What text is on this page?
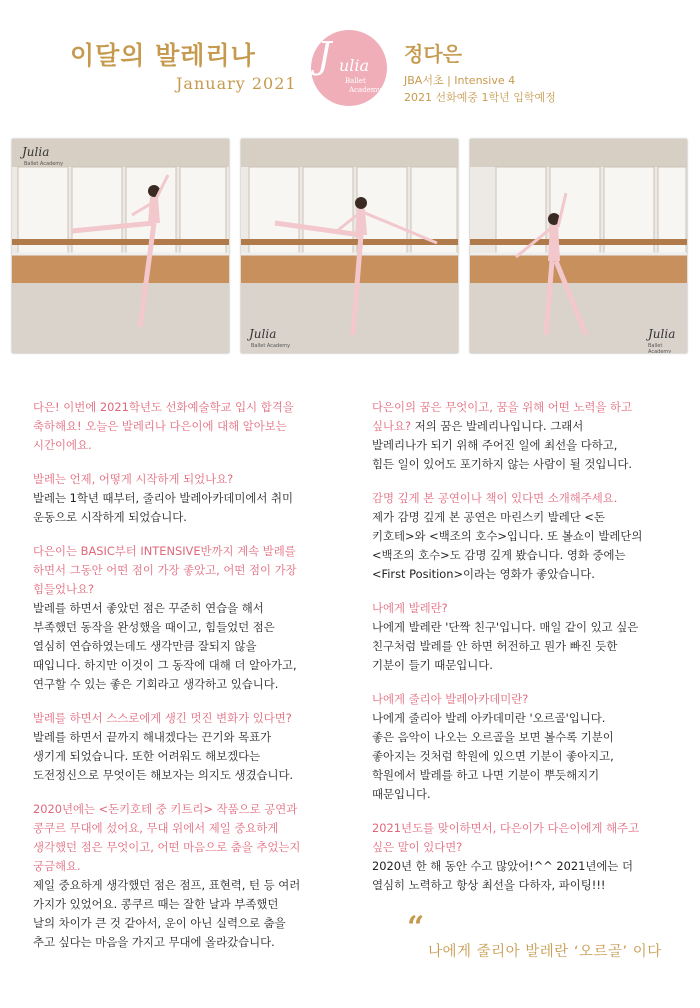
이달의 발레리나
January 2021
J ulia
Ballet
Academy
정다은
JBA서초 | Intensive 4
2021 선화예중 1학년 입학예정
Julia
Ballet Academy
Julia
Ballet Academy
Julia
Ballet Academy

다은! 이번에 2021학년도 선화예술학교 입시 합격을

축하해요! 오늘은 발레리나 다은이에 대해 알아보는

시간이에요.

발레는 언제, 어떻게 시작하게 되었나요?

발레는 1학년 때부터, 줄리아 발레아카데미에서 취미

운동으로 시작하게 되었습니다.

다은이는 BASIC부터 INTENSIVE반까지 계속 발레를

하면서 그동안 어떤 점이 가장 좋았고, 어떤 점이 가장

힘들었나요?

발레를 하면서 좋았던 점은 꾸준히 연습을 해서

부족했던 동작을 완성했을 때이고, 힘들었던 점은

열심히 연습하였는데도 생각만큼 잘되지 않을

때입니다. 하지만 이것이 그 동작에 대해 더 알아가고,

연구할 수 있는 좋은 기회라고 생각하고 있습니다.

발레를 하면서 스스로에게 생긴 멋진 변화가 있다면?

발레를 하면서 끝까지 해내겠다는 끈기와 목표가

생기게 되었습니다. 또한 어려워도 해보겠다는

도전정신으로 무엇이든 해보자는 의지도 생겼습니다.

2020년에는 <돈키호테 중 키트리> 작품으로 공연과

콩쿠르 무대에 섰어요, 무대 위에서 제일 중요하게

생각했던 점은 무엇이고, 어떤 마음으로 춤을 추었는지

궁금해요.

제일 중요하게 생각했던 점은 점프, 표현력, 턴 등 여러

가지가 있었어요. 콩쿠르 때는 잘한 날과 부족했던

날의 차이가 큰 것 같아서, 운이 아닌 실력으로 춤을

추고 싶다는 마음을 가지고 무대에 올라갔습니다.

다은이의 꿈은 무엇이고, 꿈을 위해 어떤 노력을 하고

싶나요? 저의 꿈은 발레리나입니다. 그래서

발레리나가 되기 위해 주어진 일에 최선을 다하고,

힘든 일이 있어도 포기하지 않는 사람이 될 것입니다.

감명 깊게 본 공연이나 책이 있다면 소개해주세요.

제가 감명 깊게 본 공연은 마린스키 발레단 <돈

키호테>와 <백조의 호수>입니다. 또 볼쇼이 발레단의

<백조의 호수>도 감명 깊게 봤습니다. 영화 중에는

<First Position>이라는 영화가 좋았습니다.

나에게 발레란?

나에게 발레란 '단짝 친구'입니다. 매일 같이 있고 싶은

친구처럼 발레를 안 하면 허전하고 뭔가 빠진 듯한

기분이 들기 때문입니다.

나에게 줄리아 발레아카데미란?

나에게 줄리아 발레 아카데미란 '오르골'입니다.

좋은 음악이 나오는 오르골을 보면 볼수록 기분이

좋아지는 것처럼 학원에 있으면 기분이 좋아지고,

학원에서 발레를 하고 나면 기분이 뿌듯해지기

때문입니다.

2021년도를 맞이하면서, 다은이가 다은이에게 해주고

싶은 말이 있다면?

2020년 한 해 동안 수고 많았어!^^ 2021년에는 더

열심히 노력하고 항상 최선을 다하자, 파이팅!!!

“
나에게 줄리아 발레란 ‘오르골’ 이다
